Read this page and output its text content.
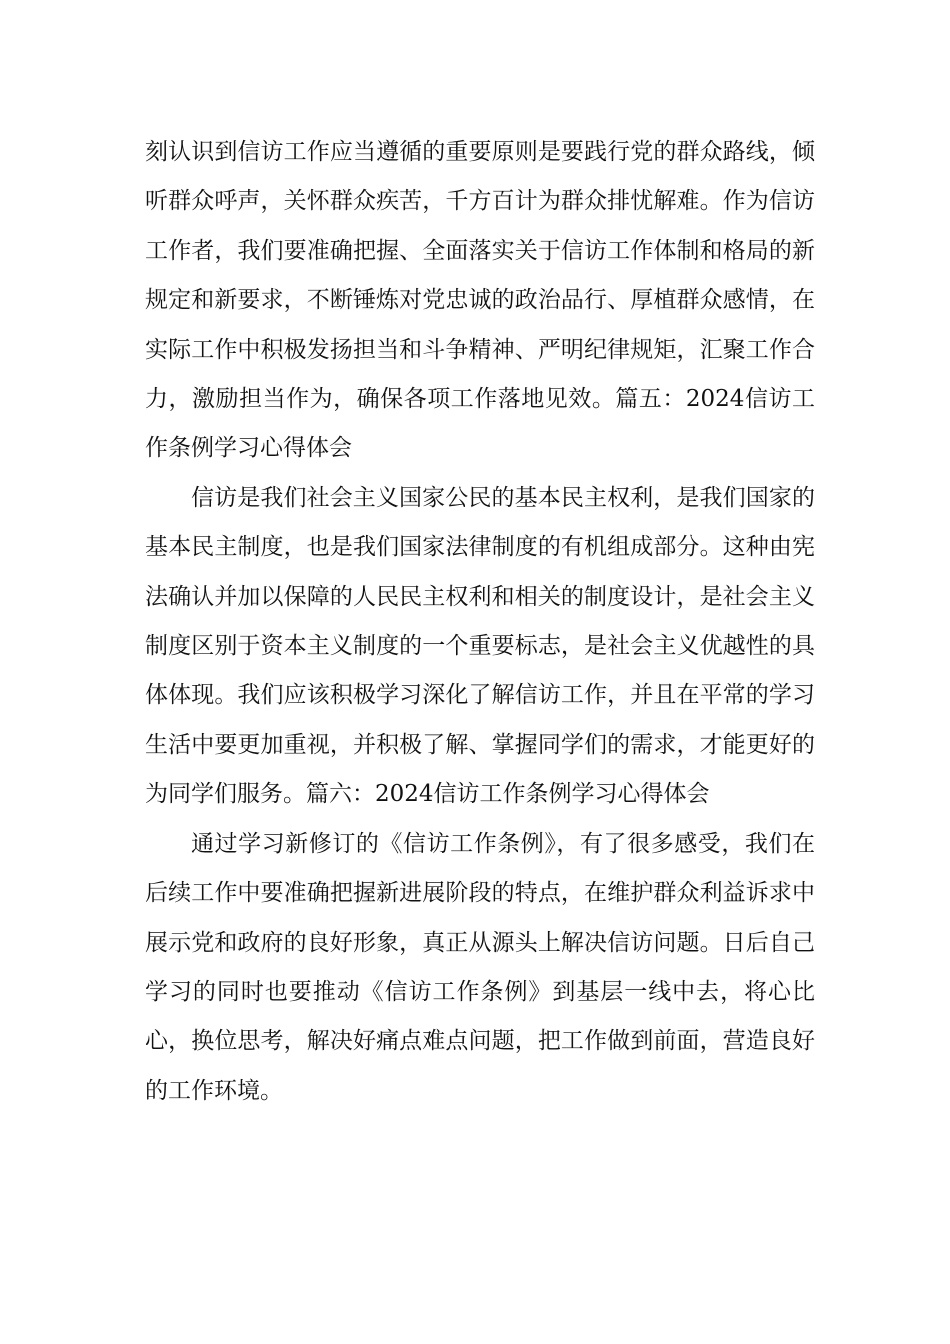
刻认识到信访工作应当遵循的重要原则是要践行党的群众路线，倾听群众呼声，关怀群众疾苦，千方百计为群众排忧解难。作为信访工作者，我们要准确把握、全面落实关于信访工作体制和格局的新规定和新要求，不断锤炼对党忠诚的政治品行、厚植群众感情，在实际工作中积极发扬担当和斗争精神、严明纪律规矩，汇聚工作合力，激励担当作为，确保各项工作落地见效。篇五：2024信访工作条例学习心得体会

信访是我们社会主义国家公民的基本民主权利，是我们国家的基本民主制度，也是我们国家法律制度的有机组成部分。这种由宪法确认并加以保障的人民民主权利和相关的制度设计，是社会主义制度区别于资本主义制度的一个重要标志，是社会主义优越性的具体体现。我们应该积极学习深化了解信访工作，并且在平常的学习生活中要更加重视，并积极了解、掌握同学们的需求，才能更好的为同学们服务。篇六：2024信访工作条例学习心得体会

通过学习新修订的《信访工作条例》，有了很多感受，我们在后续工作中要准确把握新进展阶段的特点，在维护群众利益诉求中展示党和政府的良好形象，真正从源头上解决信访问题。日后自己学习的同时也要推动《信访工作条例》到基层一线中去，将心比心，换位思考，解决好痛点难点问题，把工作做到前面，营造良好的工作环境。
